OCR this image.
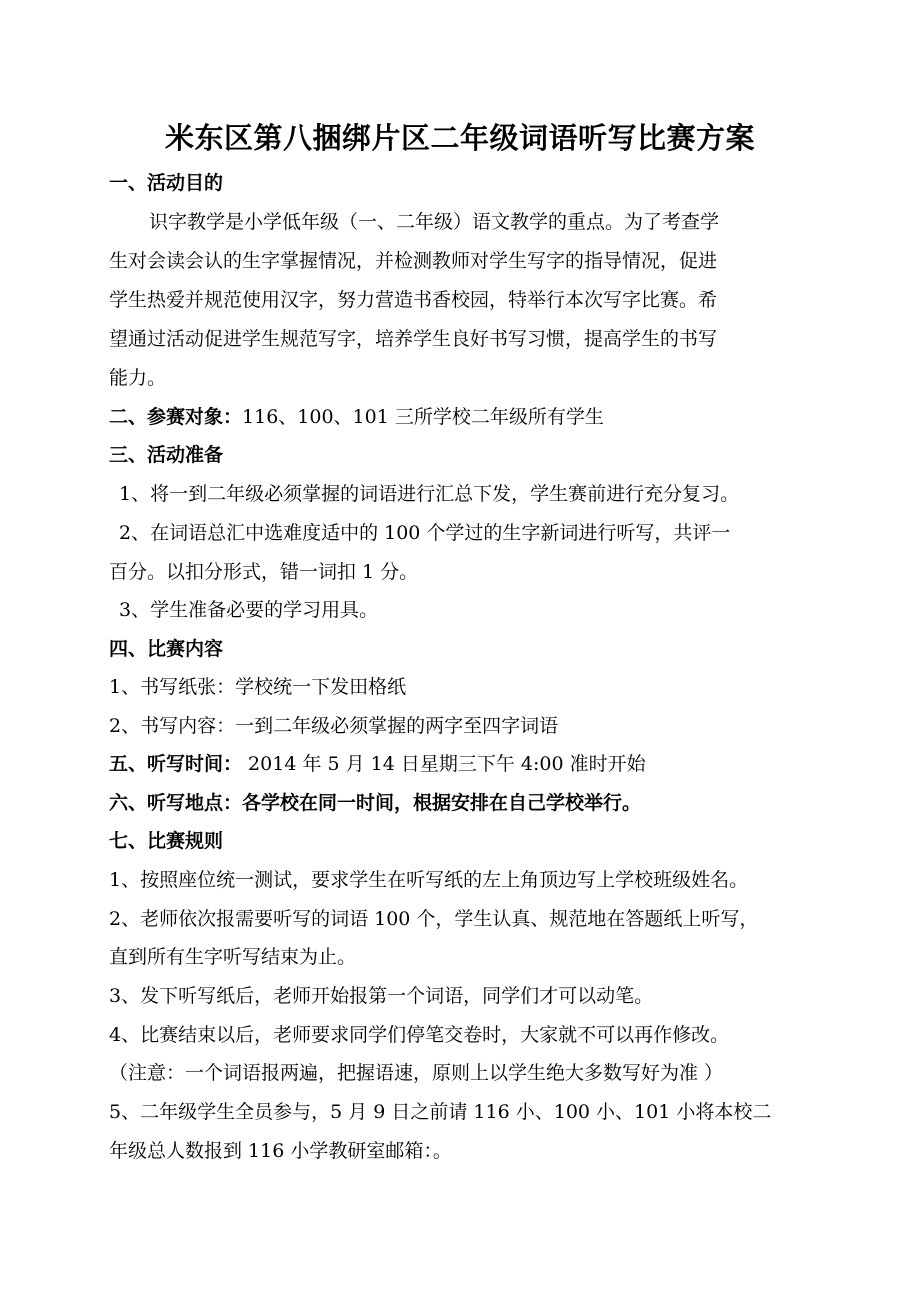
米东区第八捆绑片区二年级词语听写比赛方案
一、活动目的
识字教学是小学低年级（一、二年级）语文教学的重点。为了考查学
生对会读会认的生字掌握情况，并检测教师对学生写字的指导情况，促进
学生热爱并规范使用汉字，努力营造书香校园，特举行本次写字比赛。希
望通过活动促进学生规范写字，培养学生良好书写习惯，提高学生的书写
能力。
二、参赛对象：116、100、101 三所学校二年级所有学生
三、活动准备
1、将一到二年级必须掌握的词语进行汇总下发，学生赛前进行充分复习。
2、在词语总汇中选难度适中的 100 个学过的生字新词进行听写，共评一
百分。以扣分形式，错一词扣 1 分。
3、学生准备必要的学习用具。
四、比赛内容
1、书写纸张：学校统一下发田格纸
2、书写内容：一到二年级必须掌握的两字至四字词语
五、听写时间： 2014 年 5 月 14 日星期三下午 4:00 准时开始
六、听写地点：各学校在同一时间，根据安排在自己学校举行。
七、比赛规则
1、按照座位统一测试，要求学生在听写纸的左上角顶边写上学校班级姓名。
2、老师依次报需要听写的词语 100 个，学生认真、规范地在答题纸上听写，
直到所有生字听写结束为止。
3、发下听写纸后，老师开始报第一个词语，同学们才可以动笔。
4、比赛结束以后，老师要求同学们停笔交卷时，大家就不可以再作修改。
（注意：一个词语报两遍，把握语速，原则上以学生绝大多数写好为准 ）
5、二年级学生全员参与，5 月 9 日之前请 116 小、100 小、101 小将本校二
年级总人数报到 116 小学教研室邮箱：。
